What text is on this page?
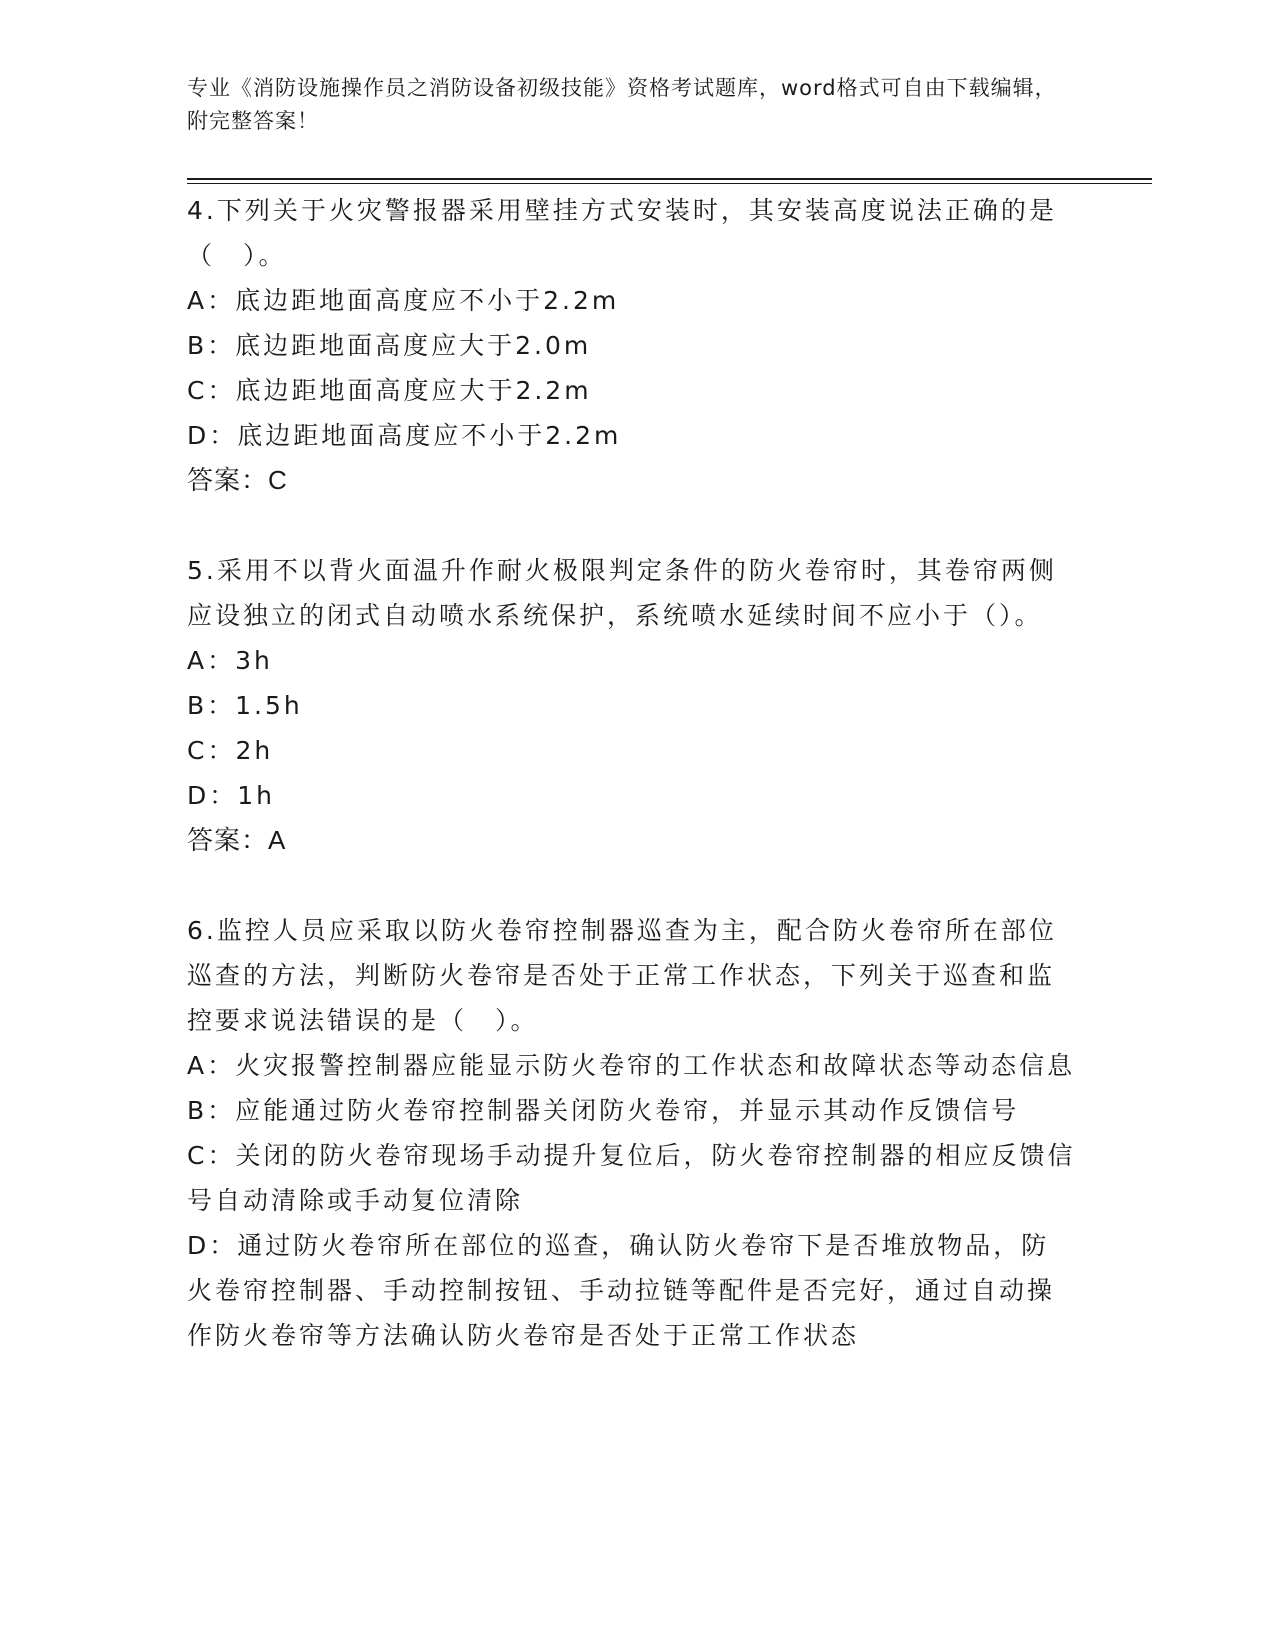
专业《消防设施操作员之消防设备初级技能》资格考试题库，word格式可自由下载编辑，附完整答案！

4.下列关于火灾警报器采用壁挂方式安装时，其安装高度说法正确的是（　）。

A：底边距地面高度应不小于2.2m

B：底边距地面高度应大于2.0m

C：底边距地面高度应大于2.2m

D：底边距地面高度应不小于2.2m

答案：C

5.采用不以背火面温升作耐火极限判定条件的防火卷帘时，其卷帘两侧应设独立的闭式自动喷水系统保护，系统喷水延续时间不应小于（）。

A：3h

B：1.5h

C：2h

D：1h

答案：A

6.监控人员应采取以防火卷帘控制器巡查为主，配合防火卷帘所在部位巡查的方法，判断防火卷帘是否处于正常工作状态，下列关于巡查和监控要求说法错误的是（　）。

A：火灾报警控制器应能显示防火卷帘的工作状态和故障状态等动态信息

B：应能通过防火卷帘控制器关闭防火卷帘，并显示其动作反馈信号

C：关闭的防火卷帘现场手动提升复位后，防火卷帘控制器的相应反馈信号自动清除或手动复位清除

D：通过防火卷帘所在部位的巡查，确认防火卷帘下是否堆放物品，防火卷帘控制器、手动控制按钮、手动拉链等配件是否完好，通过自动操作防火卷帘等方法确认防火卷帘是否处于正常工作状态
